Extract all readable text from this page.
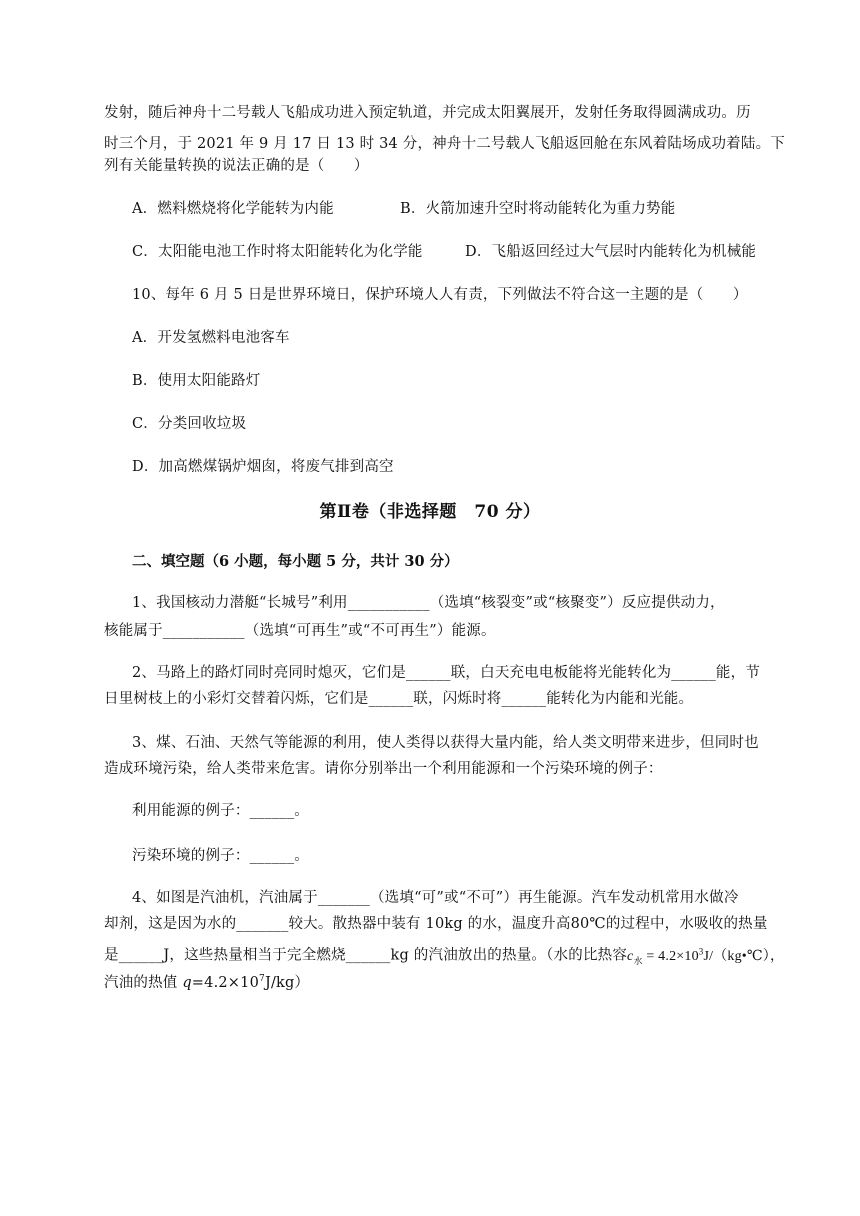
发射，随后神舟十二号载人飞船成功进入预定轨道，并完成太阳翼展开，发射任务取得圆满成功。历
时三个月，于 2021 年 9 月 17 日 13 时 34 分，神舟十二号载人飞船返回舱在东风着陆场成功着陆。下
列有关能量转换的说法正确的是（　　）
A．燃料燃烧将化学能转为内能	B．火箭加速升空时将动能转化为重力势能
C．太阳能电池工作时将太阳能转化为化学能	D．飞船返回经过大气层时内能转化为机械能
10、每年 6 月 5 日是世界环境日，保护环境人人有责，下列做法不符合这一主题的是（　　）
A．开发氢燃料电池客车
B．使用太阳能路灯
C．分类回收垃圾
D．加高燃煤锅炉烟囱，将废气排到高空
第Ⅱ卷（非选择题　70 分）
二、填空题（6 小题，每小题 5 分，共计 30 分）
1、我国核动力潜艇“长城号”利用___________（选填“核裂变”或“核聚变”）反应提供动力，
核能属于___________（选填“可再生”或“不可再生”）能源。
2、马路上的路灯同时亮同时熄灭，它们是______联，白天充电电板能将光能转化为______能，节
日里树枝上的小彩灯交替着闪烁，它们是______联，闪烁时将______能转化为内能和光能。
3、煤、石油、天然气等能源的利用，使人类得以获得大量内能，给人类文明带来进步，但同时也
造成环境污染，给人类带来危害。请你分别举出一个利用能源和一个污染环境的例子：
利用能源的例子：______。
污染环境的例子：______。
4、如图是汽油机，汽油属于_______（选填“可”或“不可”）再生能源。汽车发动机常用水做冷
却剂，这是因为水的_______较大。散热器中装有 10kg 的水，温度升高80℃的过程中，水吸收的热量
是______J，这些热量相当于完全燃烧______kg 的汽油放出的热量。（水的比热容$c_水$ = $4.2\times 10^3J/(kg•℃)$，
汽油的热值 $q=4.2\times 10^7J/kg$）
